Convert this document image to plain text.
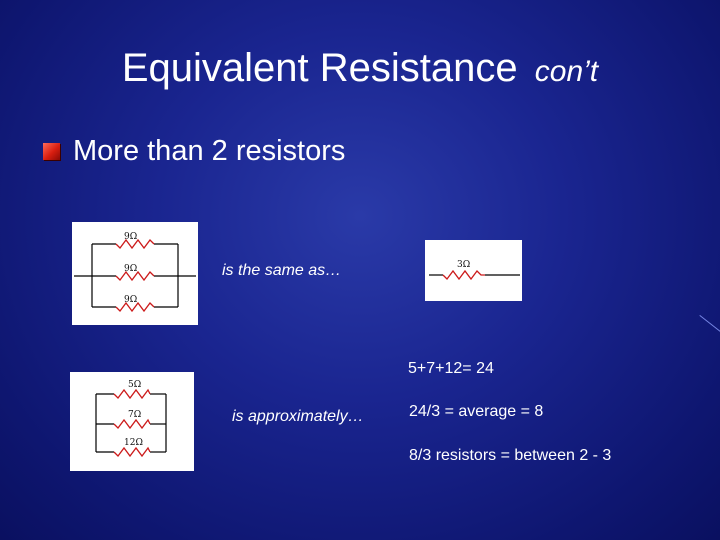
Equivalent Resistance con’t
More than 2 resistors
9Ω
9Ω
9Ω
is the same as…	3Ω
5+7+12= 24
5Ω
7Ω
12Ω
is approximately…	24/3 = average = 8
8/3 resistors = between 2 - 3
